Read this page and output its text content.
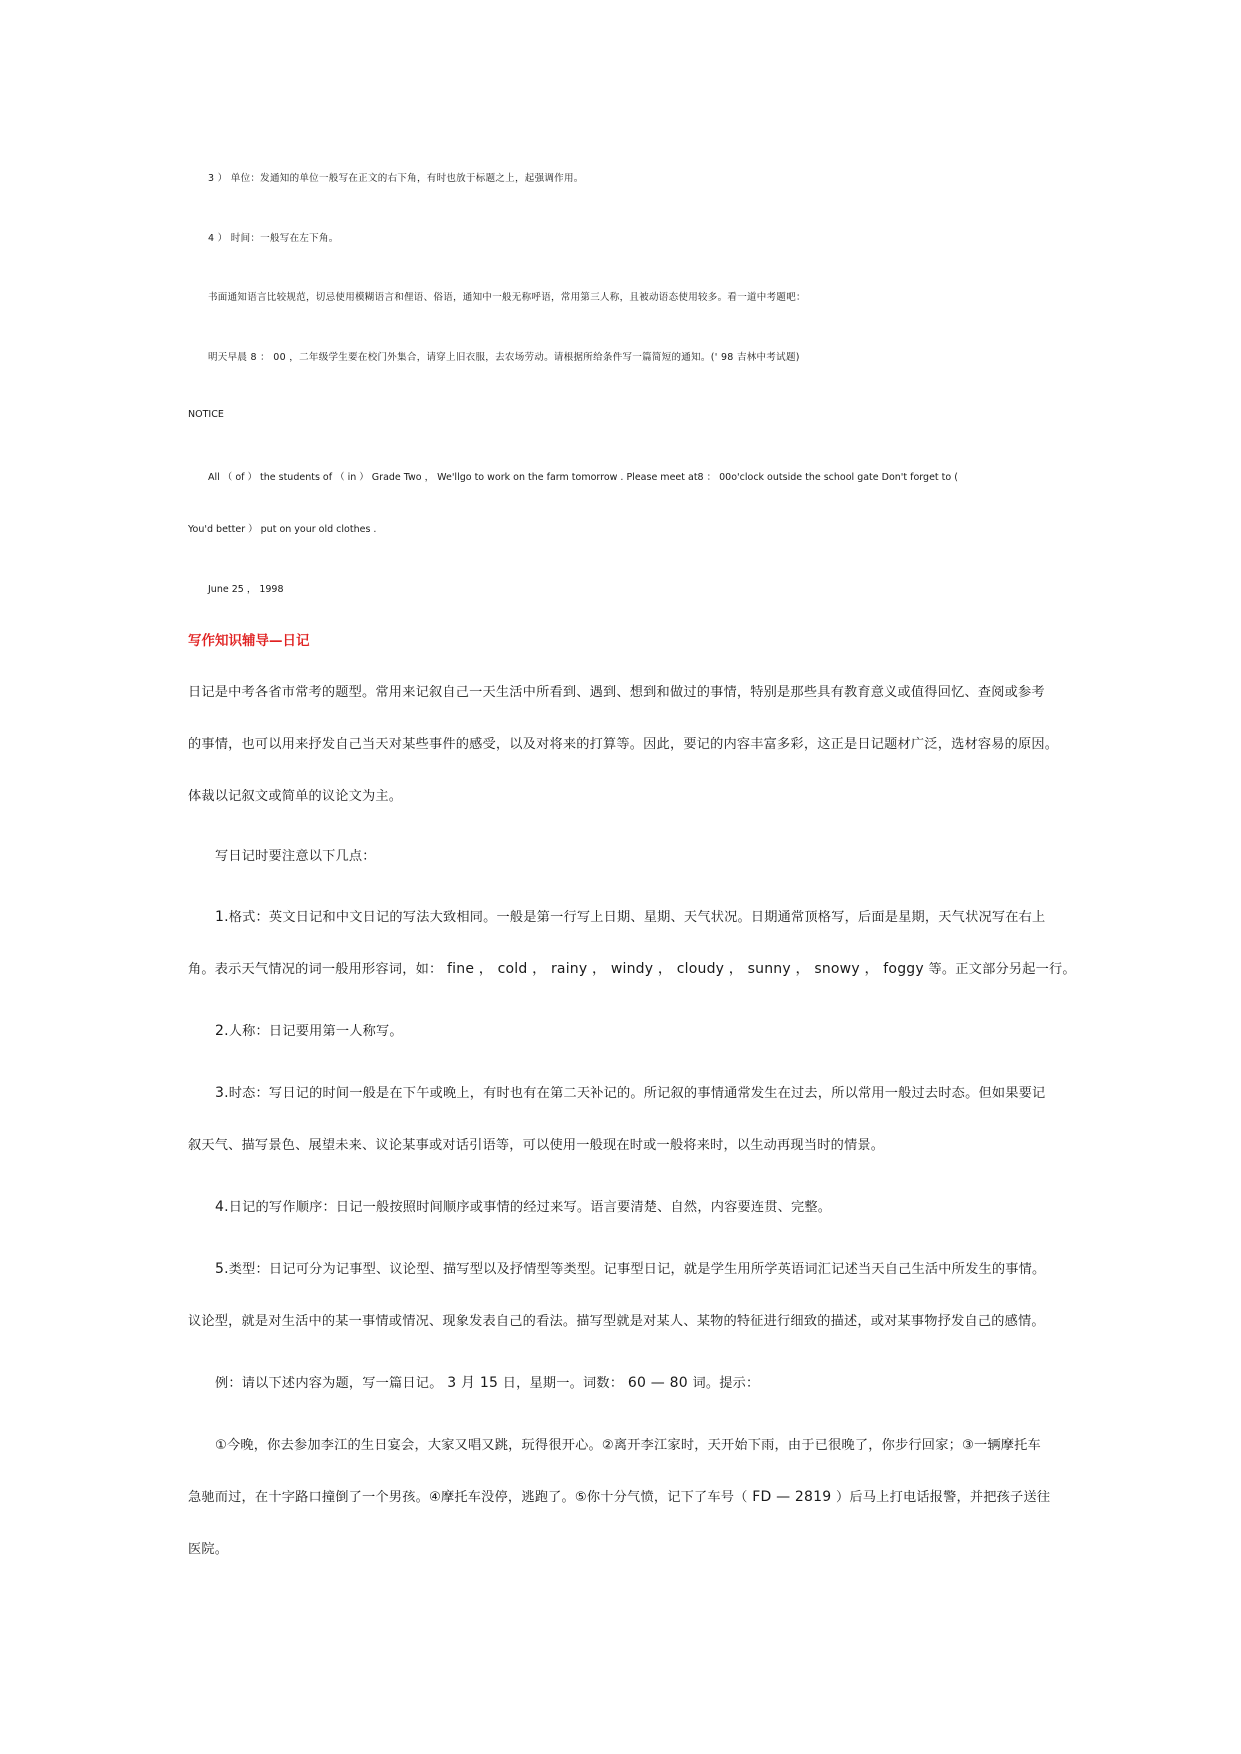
3 ） 单位：发通知的单位一般写在正文的右下角，有时也放于标题之上，起强调作用。
4 ） 时间：一般写在左下角。
书面通知语言比较规范，切忌使用模糊语言和俚语、俗语，通知中一般无称呼语，常用第三人称，且被动语态使用较多。看一道中考题吧：
明天早晨 8 ： 00 ，二年级学生要在校门外集合，请穿上旧衣服，去农场劳动。请根据所给条件写一篇简短的通知。(' 98 吉林中考试题)
NOTICE
All （ of ） the students of （ in ） Grade Two ， We'llgo to work on the farm tomorrow . Please meet at8 ： 00o'clock outside the school gate Don't forget to (
You'd better ） put on your old clothes .
June 25 ， 1998
写作知识辅导—日记
日记是中考各省市常考的题型。常用来记叙自己一天生活中所看到、遇到、想到和做过的事情，特别是那些具有教育意义或值得回忆、查阅或参考
的事情，也可以用来抒发自己当天对某些事件的感受，以及对将来的打算等。因此，要记的内容丰富多彩，这正是日记题材广泛，选材容易的原因。
体裁以记叙文或简单的议论文为主。
写日记时要注意以下几点：
1.格式：英文日记和中文日记的写法大致相同。一般是第一行写上日期、星期、天气状况。日期通常顶格写，后面是星期，天气状况写在右上
角。表示天气情况的词一般用形容词，如： fine ， cold ， rainy ， windy ， cloudy ， sunny ， snowy ， foggy 等。正文部分另起一行。
2.人称：日记要用第一人称写。
3.时态：写日记的时间一般是在下午或晚上，有时也有在第二天补记的。所记叙的事情通常发生在过去，所以常用一般过去时态。但如果要记
叙天气、描写景色、展望未来、议论某事或对话引语等，可以使用一般现在时或一般将来时，以生动再现当时的情景。
4.日记的写作顺序：日记一般按照时间顺序或事情的经过来写。语言要清楚、自然，内容要连贯、完整。
5.类型：日记可分为记事型、议论型、描写型以及抒情型等类型。记事型日记，就是学生用所学英语词汇记述当天自己生活中所发生的事情。
议论型，就是对生活中的某一事情或情况、现象发表自己的看法。描写型就是对某人、某物的特征进行细致的描述，或对某事物抒发自己的感情。
例：请以下述内容为题，写一篇日记。 3 月 15 日，星期一。词数： 60 — 80 词。提示：
①今晚，你去参加李江的生日宴会，大家又唱又跳，玩得很开心。②离开李江家时，天开始下雨，由于已很晚了，你步行回家；③一辆摩托车
急驰而过，在十字路口撞倒了一个男孩。④摩托车没停，逃跑了。⑤你十分气愤，记下了车号（ FD — 2819 ）后马上打电话报警，并把孩子送往
医院。
